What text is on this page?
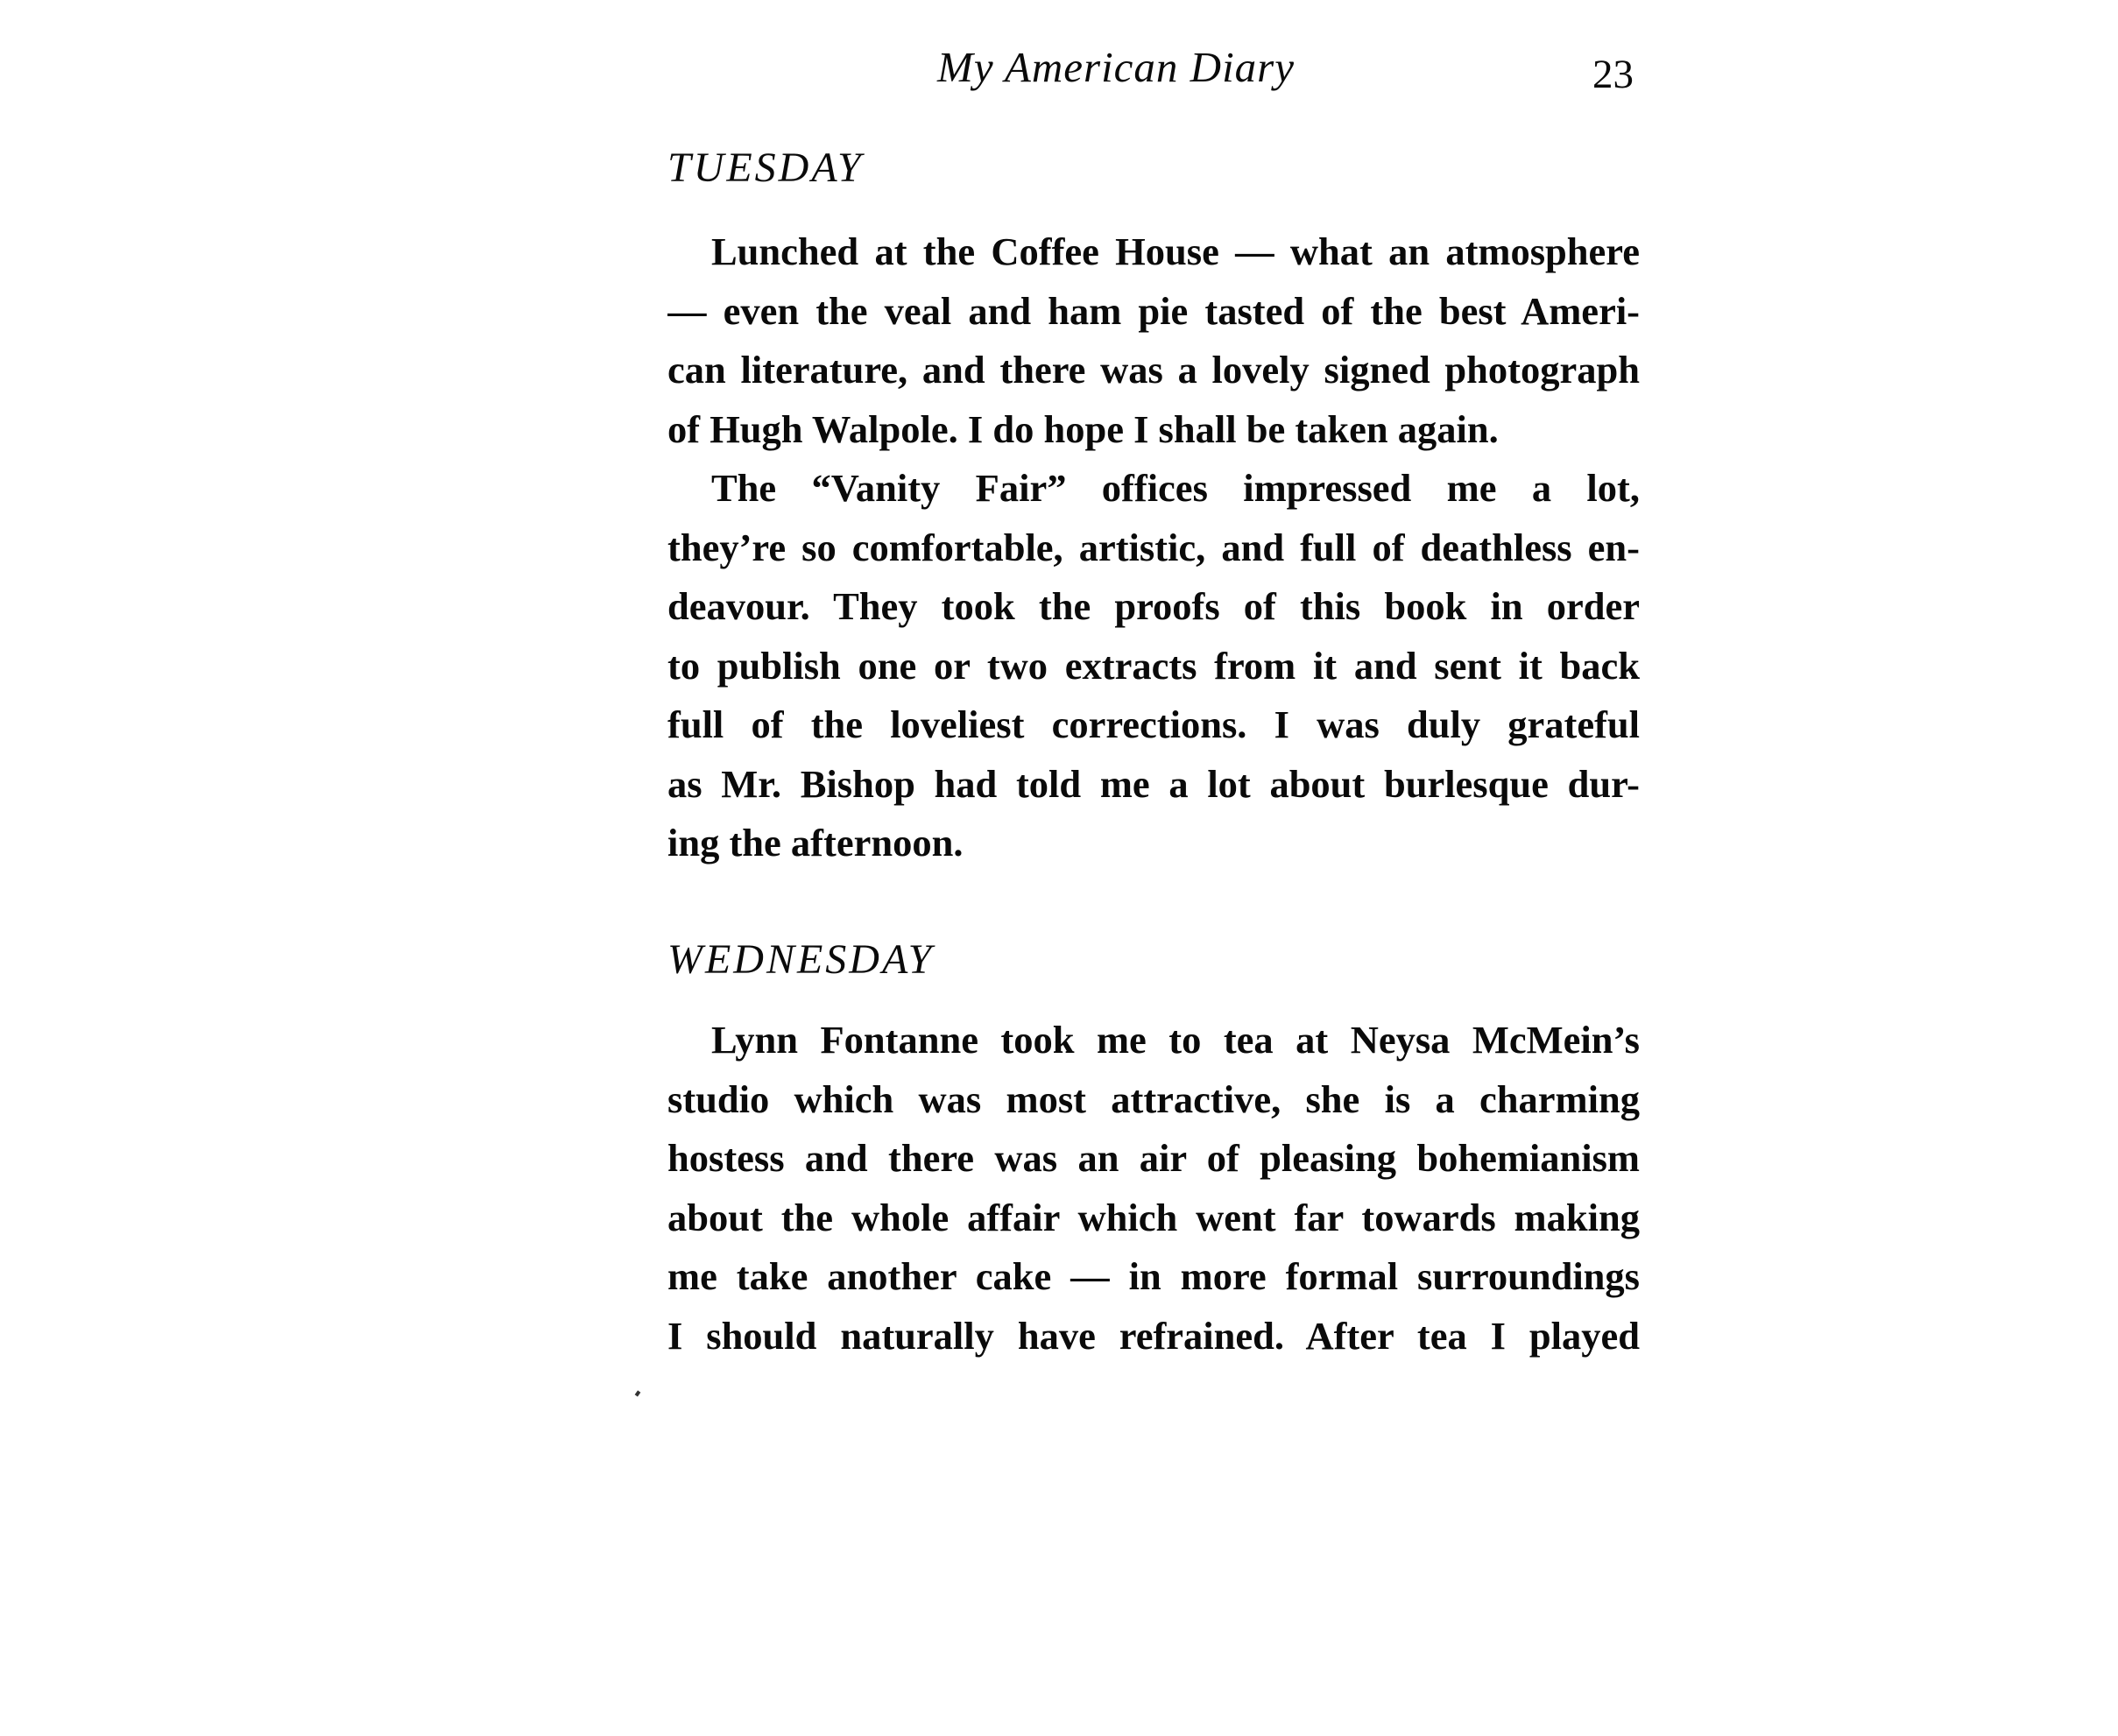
My American Diary	23
TUESDAY
Lunched at the Coffee House — what an atmosphere
— even the veal and ham pie tasted of the best Ameri-
can literature, and there was a lovely signed photograph
of Hugh Walpole. I do hope I shall be taken again.
The “Vanity Fair” offices impressed me a lot,
they’re so comfortable, artistic, and full of deathless en-
deavour. They took the proofs of this book in order
to publish one or two extracts from it and sent it back
full of the loveliest corrections. I was duly grateful
as Mr. Bishop had told me a lot about burlesque dur-
ing the afternoon.
WEDNESDAY
Lynn Fontanne took me to tea at Neysa McMein’s
studio which was most attractive, she is a charming
hostess and there was an air of pleasing bohemianism
about the whole affair which went far towards making
me take another cake — in more formal surroundings
I should naturally have refrained. After tea I played
